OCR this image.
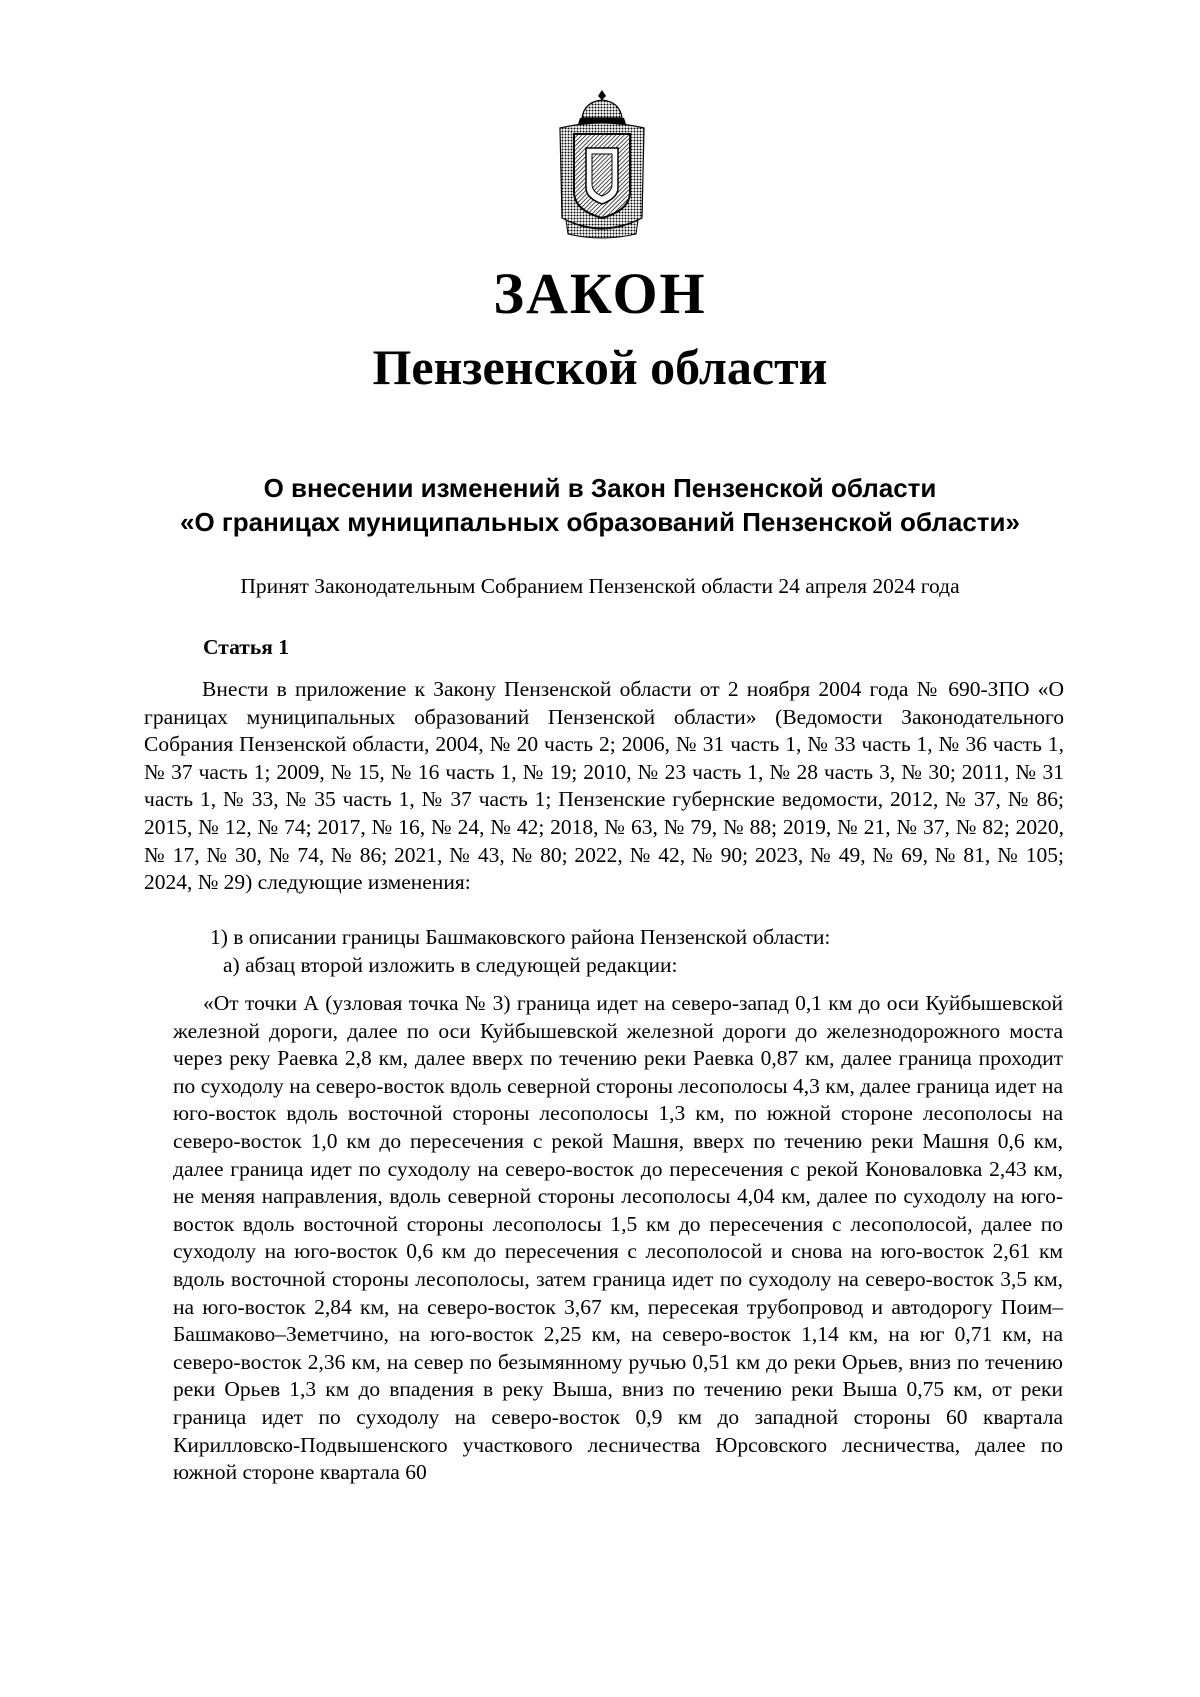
ЗАКОН
Пензенской области
О внесении изменений в Закон Пензенской области
«О границах муниципальных образований Пензенской области»
Принят Законодательным Собранием Пензенской области 24 апреля 2024 года
Статья 1
Внести в приложение к Закону Пензенской области от 2 ноября 2004 года № 690-ЗПО «О границах муниципальных образований Пензенской области» (Ведомости Законодательного Собрания Пензенской области, 2004, № 20 часть 2; 2006, № 31 часть 1, № 33 часть 1, № 36 часть 1, № 37 часть 1; 2009, № 15, № 16 часть 1, № 19; 2010, № 23 часть 1, № 28 часть 3, № 30; 2011, № 31 часть 1, № 33, № 35 часть 1, № 37 часть 1; Пензенские губернские ведомости, 2012, № 37, № 86; 2015, № 12, № 74; 2017, № 16, № 24, № 42; 2018, № 63, № 79, № 88; 2019, № 21, № 37, № 82; 2020, № 17, № 30, № 74, № 86; 2021, № 43, № 80; 2022, № 42, № 90; 2023, № 49, № 69, № 81, № 105; 2024, № 29) следующие изменения:
1) в описании границы Башмаковского района Пензенской области:
а) абзац второй изложить в следующей редакции:
«От точки А (узловая точка № 3) граница идет на северо-запад 0,1 км до оси Куйбышевской железной дороги, далее по оси Куйбышевской железной дороги до железнодорожного моста через реку Раевка 2,8 км, далее вверх по течению реки Раевка 0,87 км, далее граница проходит по суходолу на северо-восток вдоль северной стороны лесополосы 4,3 км, далее граница идет на юго-восток вдоль восточной стороны лесополосы 1,3 км, по южной стороне лесополосы на северо-восток 1,0 км до пересечения с рекой Машня, вверх по течению реки Машня 0,6 км, далее граница идет по суходолу на северо-восток до пересечения с рекой Коноваловка 2,43 км, не меняя направления, вдоль северной стороны лесополосы 4,04 км, далее по суходолу на юго-восток вдоль восточной стороны лесополосы 1,5 км до пересечения с лесополосой, далее по суходолу на юго-восток 0,6 км до пересечения с лесополосой и снова на юго-восток 2,61 км вдоль восточной стороны лесополосы, затем граница идет по суходолу на северо-восток 3,5 км, на юго-восток 2,84 км, на северо-восток 3,67 км, пересекая трубопровод и автодорогу Поим–Башмаково–Земетчино, на юго-восток 2,25 км, на северо-восток 1,14 км, на юг 0,71 км, на северо-восток 2,36 км, на север по безымянному ручью 0,51 км до реки Орьев, вниз по течению реки Орьев 1,3 км до впадения в реку Выша, вниз по течению реки Выша 0,75 км, от реки граница идет по суходолу на северо-восток 0,9 км до западной стороны 60 квартала Кирилловско-Подвышенского участкового лесничества Юрсовского лесничества, далее по южной стороне квартала 60
